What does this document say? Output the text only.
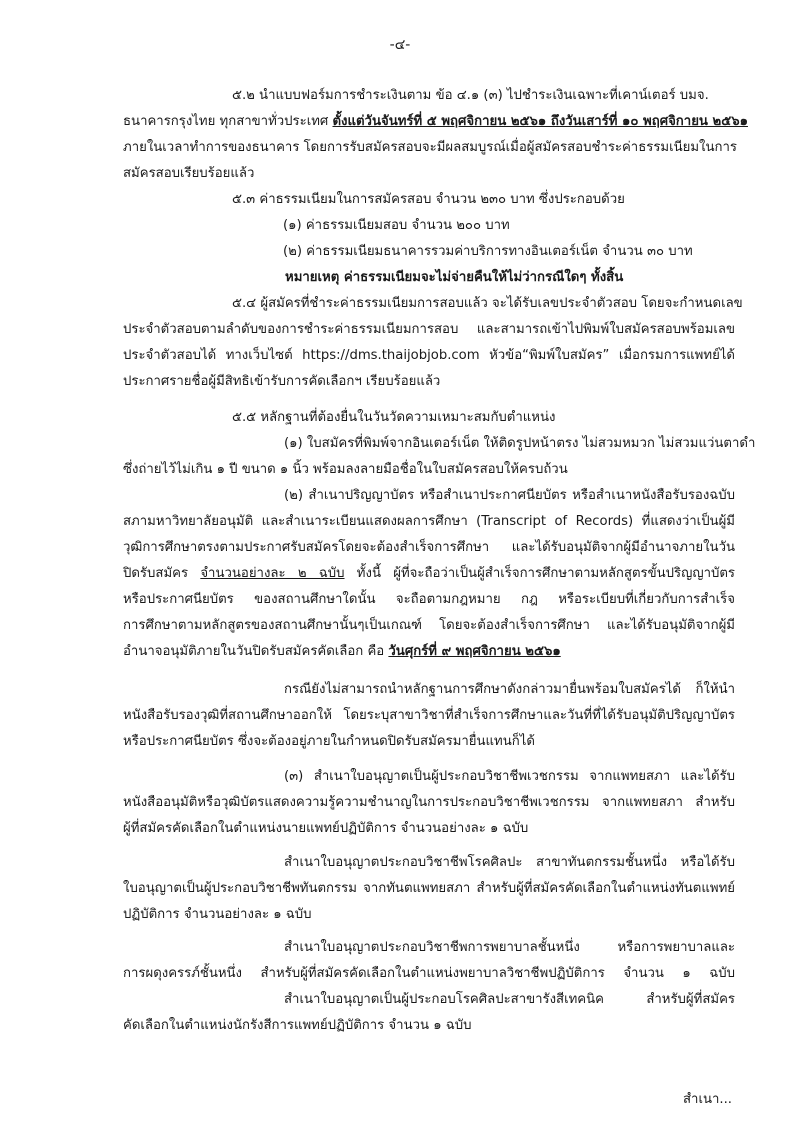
-๔-
๕.๒ นำแบบฟอร์มการชำระเงินตาม ข้อ ๔.๑ (๓) ไปชำระเงินเฉพาะที่เคาน์เตอร์ บมจ.
ธนาคารกรุงไทย ทุกสาขาทั่วประเทศ ตั้งแต่วันจันทร์ที่ ๕ พฤศจิกายน ๒๕๖๑ ถึงวันเสาร์ที่ ๑๐ พฤศจิกายน ๒๕๖๑
ภายในเวลาทำการของธนาคาร โดยการรับสมัครสอบจะมีผลสมบูรณ์เมื่อผู้สมัครสอบชำระค่าธรรมเนียมในการ
สมัครสอบเรียบร้อยแล้ว
๕.๓ ค่าธรรมเนียมในการสมัครสอบ จำนวน ๒๓๐ บาท ซึ่งประกอบด้วย
(๑) ค่าธรรมเนียมสอบ จำนวน ๒๐๐ บาท
(๒) ค่าธรรมเนียมธนาคารรวมค่าบริการทางอินเตอร์เน็ต จำนวน ๓๐ บาท
หมายเหตุ ค่าธรรมเนียมจะไม่จ่ายคืนให้ไม่ว่ากรณีใดๆ ทั้งสิ้น
๕.๔ ผู้สมัครที่ชำระค่าธรรมเนียมการสอบแล้ว จะได้รับเลขประจำตัวสอบ โดยจะกำหนดเลข
ประจำตัวสอบตามลำดับของการชำระค่าธรรมเนียมการสอบ และสามารถเข้าไปพิมพ์ใบสมัครสอบพร้อมเลข
ประจำตัวสอบได้ ทางเว็บไซต์ https://dms.thaijobjob.com หัวข้อ“พิมพ์ใบสมัคร” เมื่อกรมการแพทย์ได้
ประกาศรายชื่อผู้มีสิทธิเข้ารับการคัดเลือกฯ เรียบร้อยแล้ว
๕.๕ หลักฐานที่ต้องยื่นในวันวัดความเหมาะสมกับตำแหน่ง
(๑) ใบสมัครที่พิมพ์จากอินเตอร์เน็ต ให้ติดรูปหน้าตรง ไม่สวมหมวก ไม่สวมแว่นตาดำ
ซึ่งถ่ายไว้ไม่เกิน ๑ ปี ขนาด ๑ นิ้ว พร้อมลงลายมือชื่อในใบสมัครสอบให้ครบถ้วน
(๒) สำเนาปริญญาบัตร หรือสำเนาประกาศนียบัตร หรือสำเนาหนังสือรับรองฉบับ
สภามหาวิทยาลัยอนุมัติ และสำเนาระเบียนแสดงผลการศึกษา (Transcript of Records) ที่แสดงว่าเป็นผู้มี
วุฒิการศึกษาตรงตามประกาศรับสมัครโดยจะต้องสำเร็จการศึกษา และได้รับอนุมัติจากผู้มีอำนาจภายในวัน
ปิดรับสมัคร จำนวนอย่างละ ๒ ฉบับ ทั้งนี้ ผู้ที่จะถือว่าเป็นผู้สำเร็จการศึกษาตามหลักสูตรขั้นปริญญาบัตร
หรือประกาศนียบัตร ของสถานศึกษาใดนั้น จะถือตามกฎหมาย กฎ หรือระเบียบที่เกี่ยวกับการสำเร็จ
การศึกษาตามหลักสูตรของสถานศึกษานั้นๆเป็นเกณฑ์ โดยจะต้องสำเร็จการศึกษา และได้รับอนุมัติจากผู้มี
อำนาจอนุมัติภายในวันปิดรับสมัครคัดเลือก คือ วันศุกร์ที่ ๙ พฤศจิกายน ๒๕๖๑
กรณียังไม่สามารถนำหลักฐานการศึกษาดังกล่าวมายื่นพร้อมใบสมัครได้ ก็ให้นำ
หนังสือรับรองวุฒิที่สถานศึกษาออกให้ โดยระบุสาขาวิชาที่สำเร็จการศึกษาและวันที่ที่ได้รับอนุมัติปริญญาบัตร
หรือประกาศนียบัตร ซึ่งจะต้องอยู่ภายในกำหนดปิดรับสมัครมายื่นแทนก็ได้
(๓) สำเนาใบอนุญาตเป็นผู้ประกอบวิชาชีพเวชกรรม จากแพทยสภา และได้รับ
หนังสืออนุมัติหรือวุฒิบัตรแสดงความรู้ความชำนาญในการประกอบวิชาชีพเวชกรรม จากแพทยสภา สำหรับ
ผู้ที่สมัครคัดเลือกในตำแหน่งนายแพทย์ปฏิบัติการ จำนวนอย่างละ ๑ ฉบับ
สำเนาใบอนุญาตประกอบวิชาชีพโรคศิลปะ สาขาทันตกรรมชั้นหนึ่ง หรือได้รับ
ใบอนุญาตเป็นผู้ประกอบวิชาชีพทันตกรรม จากทันตแพทยสภา สำหรับผู้ที่สมัครคัดเลือกในตำแหน่งทันตแพทย์
ปฏิบัติการ จำนวนอย่างละ ๑ ฉบับ
สำเนาใบอนุญาตประกอบวิชาชีพการพยาบาลชั้นหนึ่ง หรือการพยาบาลและ
การผดุงครรภ์ชั้นหนึ่ง สำหรับผู้ที่สมัครคัดเลือกในตำแหน่งพยาบาลวิชาชีพปฏิบัติการ จำนวน ๑ ฉบับ
สำเนาใบอนุญาตเป็นผู้ประกอบโรคศิลปะสาขารังสีเทคนิค สำหรับผู้ที่สมัคร
คัดเลือกในตำแหน่งนักรังสีการแพทย์ปฏิบัติการ จำนวน ๑ ฉบับ
สำเนา...
